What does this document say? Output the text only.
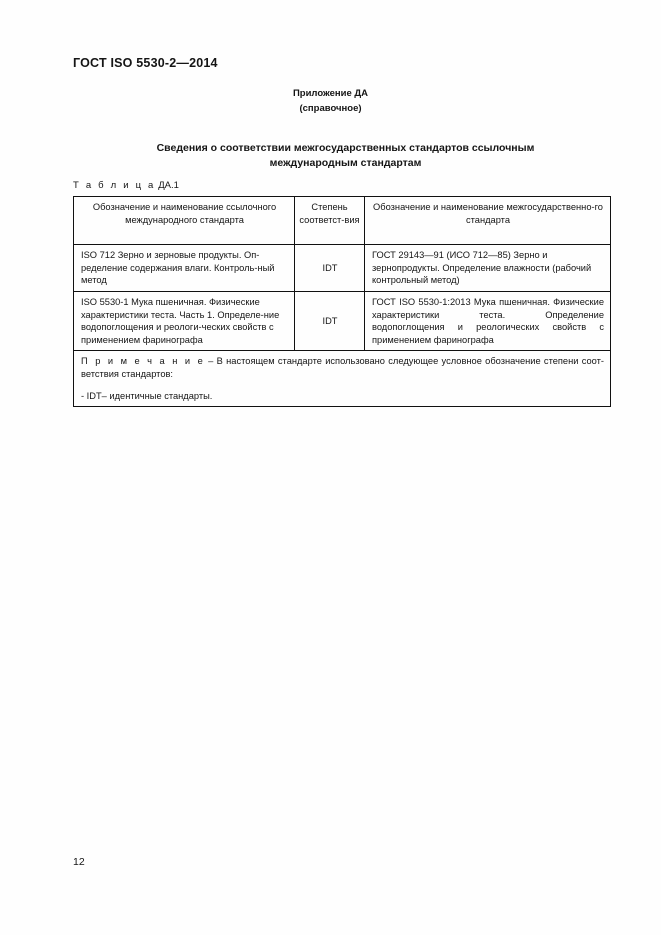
ГОСТ ISO 5530-2—2014
Приложение ДА
(справочное)
Сведения о соответствии межгосударственных стандартов ссылочным
международным стандартам
Т а б л и ц а ДА.1
Обозначение и наименование ссылочного международного стандарта	Степень соответст-вия	Обозначение и наименование межгосударственно-го стандарта
ISO 712 Зерно и зерновые продукты. Оп-ределение содержания влаги. Контроль-ный метод	IDT	ГОСТ 29143—91 (ИСО 712—85) Зерно и зернопродукты. Определение влажности (рабочий контрольный метод)
ISO 5530-1 Мука пшеничная. Физические характеристики теста. Часть 1. Определе-ние водопоглощения и реологи-ческих свойств с применением фаринографа	IDT	ГОСТ ISO 5530-1:2013 Мука пшеничная. Физические характеристики теста. Определение водопоглощения и реологических свойств с применением фаринографа
П р и м е ч а н и е – В настоящем стандарте использовано следующее условное обозначение степени соот-ветствия стандартов:
- IDT– идентичные стандарты.		
12
